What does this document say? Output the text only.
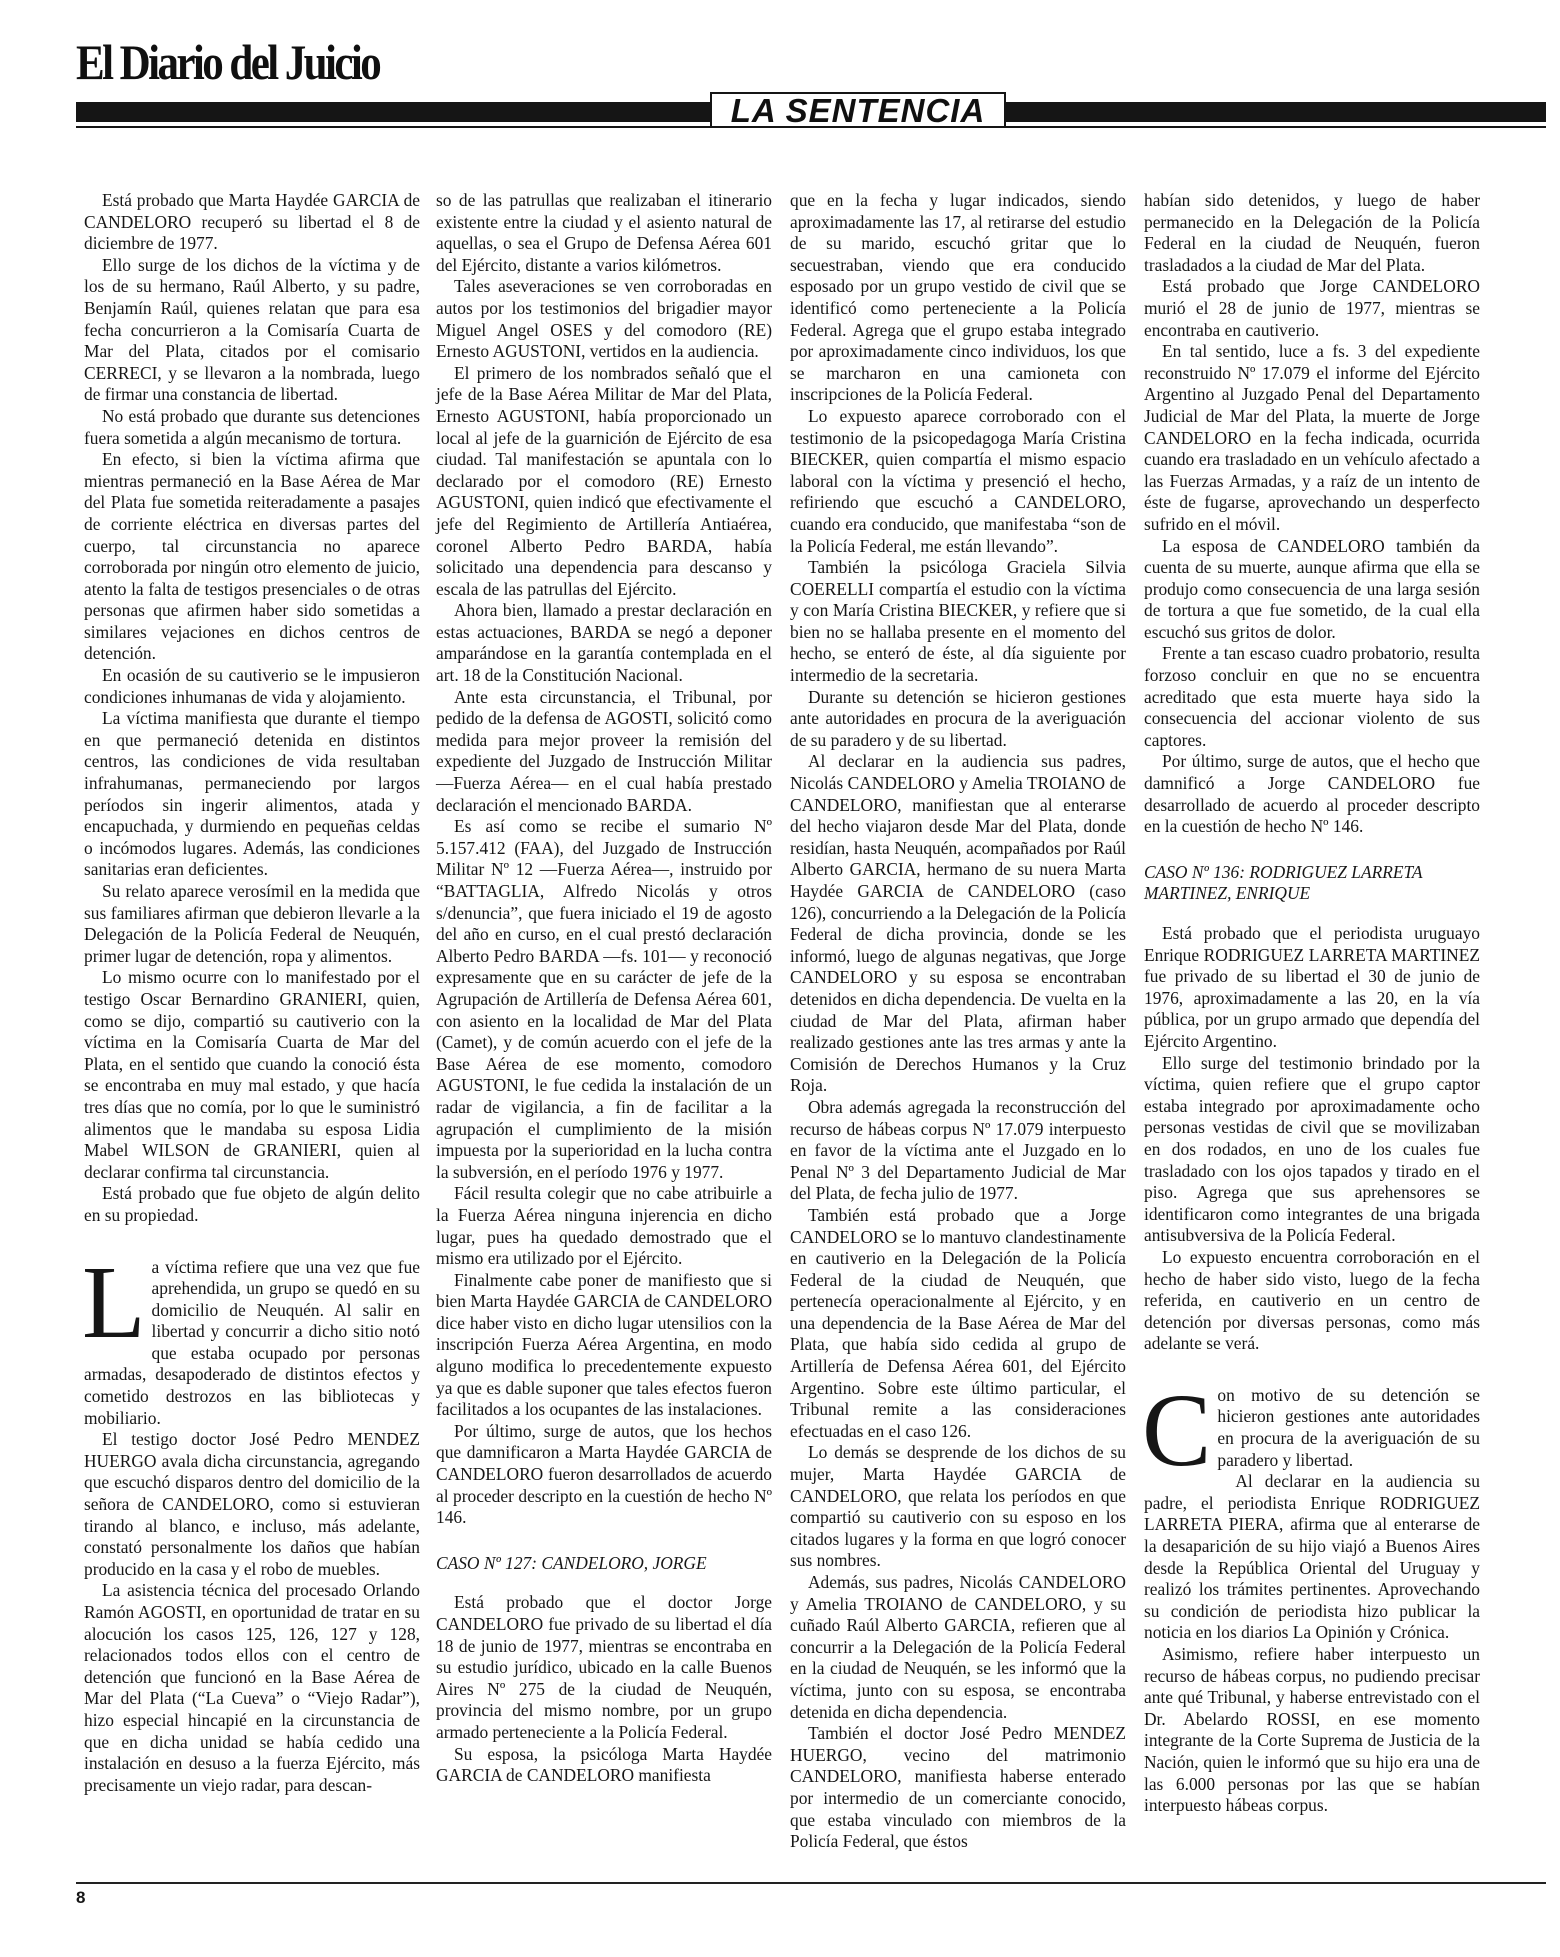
El Diario del Juicio
LA SENTENCIA

Está probado que Marta Haydée GARCIA de CANDELORO recuperó su libertad el 8 de diciembre de 1977.

Ello surge de los dichos de la víctima y de los de su hermano, Raúl Alberto, y su padre, Benjamín Raúl, quienes relatan que para esa fecha concurrieron a la Comisaría Cuarta de Mar del Plata, citados por el comisario CERRECI, y se llevaron a la nombrada, luego de firmar una constancia de libertad.

No está probado que durante sus detenciones fuera sometida a algún mecanismo de tortura.

En efecto, si bien la víctima afirma que mientras permaneció en la Base Aérea de Mar del Plata fue sometida reiteradamente a pasajes de corriente eléctrica en diversas partes del cuerpo, tal circunstancia no aparece corroborada por ningún otro elemento de juicio, atento la falta de testigos presenciales o de otras personas que afirmen haber sido sometidas a similares vejaciones en dichos centros de detención.

En ocasión de su cautiverio se le impusieron condiciones inhumanas de vida y alojamiento.

La víctima manifiesta que durante el tiempo en que permaneció detenida en distintos centros, las condiciones de vida resultaban infrahumanas, permaneciendo por largos períodos sin ingerir alimentos, atada y encapuchada, y durmiendo en pequeñas celdas o incómodos lugares. Además, las condiciones sanitarias eran deficientes.

Su relato aparece verosímil en la medida que sus familiares afirman que debieron llevarle a la Delegación de la Policía Federal de Neuquén, primer lugar de detención, ropa y alimentos.

Lo mismo ocurre con lo manifestado por el testigo Oscar Bernardino GRANIERI, quien, como se dijo, compartió su cautiverio con la víctima en la Comisaría Cuarta de Mar del Plata, en el sentido que cuando la conoció ésta se encontraba en muy mal estado, y que hacía tres días que no comía, por lo que le suministró alimentos que le mandaba su esposa Lidia Mabel WILSON de GRANIERI, quien al declarar confirma tal circunstancia.

Está probado que fue objeto de algún delito en su propiedad.

La víctima refiere que una vez que fue aprehendida, un grupo se quedó en su domicilio de Neuquén. Al salir en libertad y concurrir a dicho sitio notó que estaba ocupado por personas armadas, desapoderado de distintos efectos y cometido destrozos en las bibliotecas y mobiliario.

El testigo doctor José Pedro MENDEZ HUERGO avala dicha circunstancia, agregando que escuchó disparos dentro del domicilio de la señora de CANDELORO, como si estuvieran tirando al blanco, e incluso, más adelante, constató personalmente los daños que habían producido en la casa y el robo de muebles.

La asistencia técnica del procesado Orlando Ramón AGOSTI, en oportunidad de tratar en su alocución los casos 125, 126, 127 y 128, relacionados todos ellos con el centro de detención que funcionó en la Base Aérea de Mar del Plata (“La Cueva” o “Viejo Radar”), hizo especial hincapié en la circunstancia de que en dicha unidad se había cedido una instalación en desuso a la fuerza Ejército, más precisamente un viejo radar, para descan-

so de las patrullas que realizaban el itinerario existente entre la ciudad y el asiento natural de aquellas, o sea el Grupo de Defensa Aérea 601 del Ejército, distante a varios kilómetros.

Tales aseveraciones se ven corroboradas en autos por los testimonios del brigadier mayor Miguel Angel OSES y del comodoro (RE) Ernesto AGUSTONI, vertidos en la audiencia.

El primero de los nombrados señaló que el jefe de la Base Aérea Militar de Mar del Plata, Ernesto AGUSTONI, había proporcionado un local al jefe de la guarnición de Ejército de esa ciudad. Tal manifestación se apuntala con lo declarado por el comodoro (RE) Ernesto AGUSTONI, quien indicó que efectivamente el jefe del Regimiento de Artillería Antiaérea, coronel Alberto Pedro BARDA, había solicitado una dependencia para descanso y escala de las patrullas del Ejército.

Ahora bien, llamado a prestar declaración en estas actuaciones, BARDA se negó a deponer amparándose en la garantía contemplada en el art. 18 de la Constitución Nacional.

Ante esta circunstancia, el Tribunal, por pedido de la defensa de AGOSTI, solicitó como medida para mejor proveer la remisión del expediente del Juzgado de Instrucción Militar —Fuerza Aérea— en el cual había prestado declaración el mencionado BARDA.

Es así como se recibe el sumario Nº 5.157.412 (FAA), del Juzgado de Instrucción Militar Nº 12 —Fuerza Aérea—, instruido por “BATTAGLIA, Alfredo Nicolás y otros s/denuncia”, que fuera iniciado el 19 de agosto del año en curso, en el cual prestó declaración Alberto Pedro BARDA —fs. 101— y reconoció expresamente que en su carácter de jefe de la Agrupación de Artillería de Defensa Aérea 601, con asiento en la localidad de Mar del Plata (Camet), y de común acuerdo con el jefe de la Base Aérea de ese momento, comodoro AGUSTONI, le fue cedida la instalación de un radar de vigilancia, a fin de facilitar a la agrupación el cumplimiento de la misión impuesta por la superioridad en la lucha contra la subversión, en el período 1976 y 1977.

Fácil resulta colegir que no cabe atribuirle a la Fuerza Aérea ninguna injerencia en dicho lugar, pues ha quedado demostrado que el mismo era utilizado por el Ejército.

Finalmente cabe poner de manifiesto que si bien Marta Haydée GARCIA de CANDELORO dice haber visto en dicho lugar utensilios con la inscripción Fuerza Aérea Argentina, en modo alguno modifica lo precedentemente expuesto ya que es dable suponer que tales efectos fueron facilitados a los ocupantes de las instalaciones.

Por último, surge de autos, que los hechos que damnificaron a Marta Haydée GARCIA de CANDELORO fueron desarrollados de acuerdo al proceder descripto en la cuestión de hecho Nº 146.

CASO Nº 127: CANDELORO, JORGE

Está probado que el doctor Jorge CANDELORO fue privado de su libertad el día 18 de junio de 1977, mientras se encontraba en su estudio jurídico, ubicado en la calle Buenos Aires Nº 275 de la ciudad de Neuquén, provincia del mismo nombre, por un grupo armado perteneciente a la Policía Federal.

Su esposa, la psicóloga Marta Haydée GARCIA de CANDELORO manifiesta

que en la fecha y lugar indicados, siendo aproximadamente las 17, al retirarse del estudio de su marido, escuchó gritar que lo secuestraban, viendo que era conducido esposado por un grupo vestido de civil que se identificó como perteneciente a la Policía Federal. Agrega que el grupo estaba integrado por aproximadamente cinco individuos, los que se marcharon en una camioneta con inscripciones de la Policía Federal.

Lo expuesto aparece corroborado con el testimonio de la psicopedagoga María Cristina BIECKER, quien compartía el mismo espacio laboral con la víctima y presenció el hecho, refiriendo que escuchó a CANDELORO, cuando era conducido, que manifestaba “son de la Policía Federal, me están llevando”.

También la psicóloga Graciela Silvia COERELLI compartía el estudio con la víctima y con María Cristina BIECKER, y refiere que si bien no se hallaba presente en el momento del hecho, se enteró de éste, al día siguiente por intermedio de la secretaria.

Durante su detención se hicieron gestiones ante autoridades en procura de la averiguación de su paradero y de su libertad.

Al declarar en la audiencia sus padres, Nicolás CANDELORO y Amelia TROIANO de CANDELORO, manifiestan que al enterarse del hecho viajaron desde Mar del Plata, donde residían, hasta Neuquén, acompañados por Raúl Alberto GARCIA, hermano de su nuera Marta Haydée GARCIA de CANDELORO (caso 126), concurriendo a la Delegación de la Policía Federal de dicha provincia, donde se les informó, luego de algunas negativas, que Jorge CANDELORO y su esposa se encontraban detenidos en dicha dependencia. De vuelta en la ciudad de Mar del Plata, afirman haber realizado gestiones ante las tres armas y ante la Comisión de Derechos Humanos y la Cruz Roja.

Obra además agregada la reconstrucción del recurso de hábeas corpus Nº 17.079 interpuesto en favor de la víctima ante el Juzgado en lo Penal Nº 3 del Departamento Judicial de Mar del Plata, de fecha julio de 1977.

También está probado que a Jorge CANDELORO se lo mantuvo clandestinamente en cautiverio en la Delegación de la Policía Federal de la ciudad de Neuquén, que pertenecía operacionalmente al Ejército, y en una dependencia de la Base Aérea de Mar del Plata, que había sido cedida al grupo de Artillería de Defensa Aérea 601, del Ejército Argentino. Sobre este último particular, el Tribunal remite a las consideraciones efectuadas en el caso 126.

Lo demás se desprende de los dichos de su mujer, Marta Haydée GARCIA de CANDELORO, que relata los períodos en que compartió su cautiverio con su esposo en los citados lugares y la forma en que logró conocer sus nombres.

Además, sus padres, Nicolás CANDELORO y Amelia TROIANO de CANDELORO, y su cuñado Raúl Alberto GARCIA, refieren que al concurrir a la Delegación de la Policía Federal en la ciudad de Neuquén, se les informó que la víctima, junto con su esposa, se encontraba detenida en dicha dependencia.

También el doctor José Pedro MENDEZ HUERGO, vecino del matrimonio CANDELORO, manifiesta haberse enterado por intermedio de un comerciante conocido, que estaba vinculado con miembros de la Policía Federal, que éstos

habían sido detenidos, y luego de haber permanecido en la Delegación de la Policía Federal en la ciudad de Neuquén, fueron trasladados a la ciudad de Mar del Plata.

Está probado que Jorge CANDELORO murió el 28 de junio de 1977, mientras se encontraba en cautiverio.

En tal sentido, luce a fs. 3 del expediente reconstruido Nº 17.079 el informe del Ejército Argentino al Juzgado Penal del Departamento Judicial de Mar del Plata, la muerte de Jorge CANDELORO en la fecha indicada, ocurrida cuando era trasladado en un vehículo afectado a las Fuerzas Armadas, y a raíz de un intento de éste de fugarse, aprovechando un desperfecto sufrido en el móvil.

La esposa de CANDELORO también da cuenta de su muerte, aunque afirma que ella se produjo como consecuencia de una larga sesión de tortura a que fue sometido, de la cual ella escuchó sus gritos de dolor.

Frente a tan escaso cuadro probatorio, resulta forzoso concluir en que no se encuentra acreditado que esta muerte haya sido la consecuencia del accionar violento de sus captores.

Por último, surge de autos, que el hecho que damnificó a Jorge CANDELORO fue desarrollado de acuerdo al proceder descripto en la cuestión de hecho Nº 146.

CASO Nº 136: RODRIGUEZ LARRETA MARTINEZ, ENRIQUE

Está probado que el periodista uruguayo Enrique RODRIGUEZ LARRETA MARTINEZ fue privado de su libertad el 30 de junio de 1976, aproximadamente a las 20, en la vía pública, por un grupo armado que dependía del Ejército Argentino.

Ello surge del testimonio brindado por la víctima, quien refiere que el grupo captor estaba integrado por aproximadamente ocho personas vestidas de civil que se movilizaban en dos rodados, en uno de los cuales fue trasladado con los ojos tapados y tirado en el piso. Agrega que sus aprehensores se identificaron como integrantes de una brigada antisubversiva de la Policía Federal.

Lo expuesto encuentra corroboración en el hecho de haber sido visto, luego de la fecha referida, en cautiverio en un centro de detención por diversas personas, como más adelante se verá.

Con motivo de su detención se hicieron gestiones ante autoridades en procura de la averiguación de su paradero y libertad.

Al declarar en la audiencia su padre, el periodista Enrique RODRIGUEZ LARRETA PIERA, afirma que al enterarse de la desaparición de su hijo viajó a Buenos Aires desde la República Oriental del Uruguay y realizó los trámites pertinentes. Aprovechando su condición de periodista hizo publicar la noticia en los diarios La Opinión y Crónica.

Asimismo, refiere haber interpuesto un recurso de hábeas corpus, no pudiendo precisar ante qué Tribunal, y haberse entrevistado con el Dr. Abelardo ROSSI, en ese momento integrante de la Corte Suprema de Justicia de la Nación, quien le informó que su hijo era una de las 6.000 personas por las que se habían interpuesto hábeas corpus.

8
